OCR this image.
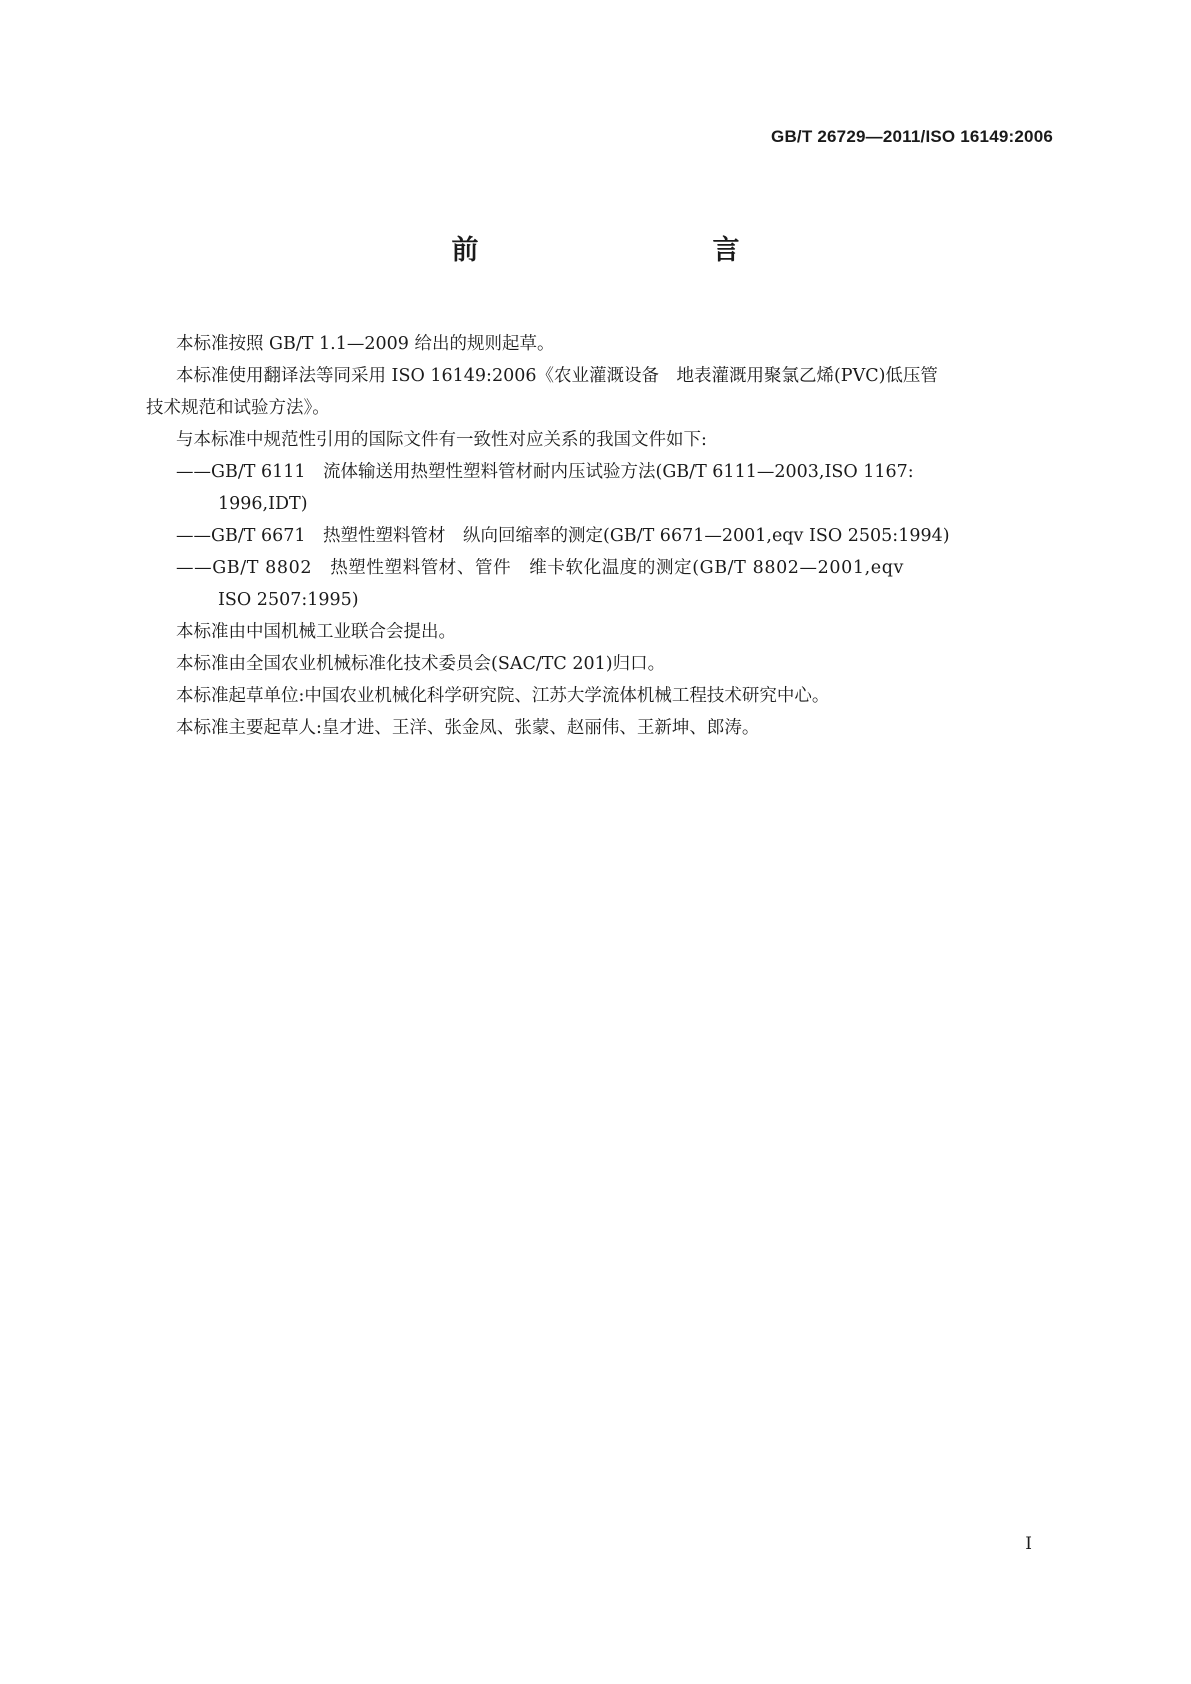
GB/T 26729—2011/ISO 16149:2006
前　　言
本标准按照 GB/T 1.1—2009 给出的规则起草。
本标准使用翻译法等同采用 ISO 16149:2006《农业灌溉设备　地表灌溉用聚氯乙烯(PVC)低压管
技术规范和试验方法》。
与本标准中规范性引用的国际文件有一致性对应关系的我国文件如下:
——GB/T 6111　流体输送用热塑性塑料管材耐内压试验方法(GB/T 6111—2003,ISO 1167:
1996,IDT)
——GB/T 6671　热塑性塑料管材　纵向回缩率的测定(GB/T 6671—2001,eqv ISO 2505:1994)
——GB/T 8802　热塑性塑料管材、管件　维卡软化温度的测定(GB/T 8802—2001,eqv
ISO 2507:1995)
本标准由中国机械工业联合会提出。
本标准由全国农业机械标准化技术委员会(SAC/TC 201)归口。
本标准起草单位:中国农业机械化科学研究院、江苏大学流体机械工程技术研究中心。
本标准主要起草人:皇才进、王洋、张金凤、张蒙、赵丽伟、王新坤、郎涛。
I
